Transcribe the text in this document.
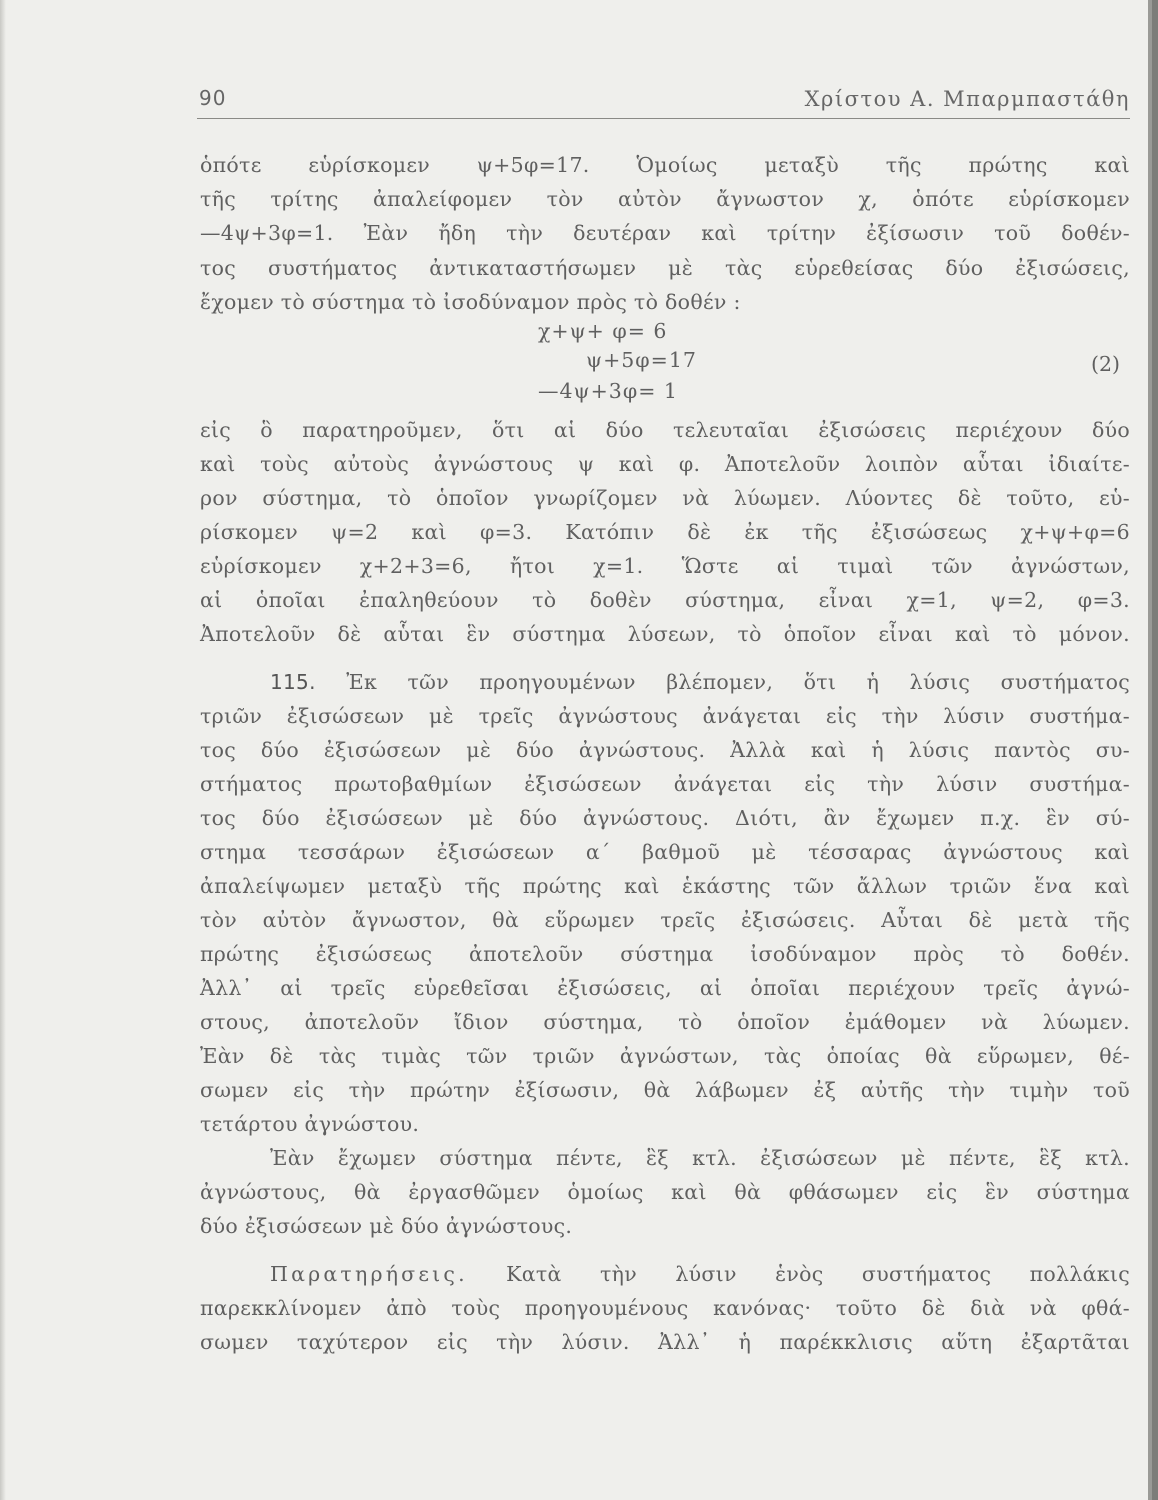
90	Χρίστου Α. Μπαρμπαστάθη
ὁπότε εὑρίσκομεν ψ+5φ=17. Ὁμοίως μεταξὺ τῆς πρώτης καὶ
τῆς τρίτης ἀπαλείφομεν τὸν αὐτὸν ἄγνωστον χ, ὁπότε εὑρίσκομεν
—4ψ+3φ=1. Ἐὰν ἤδη τὴν δευτέραν καὶ τρίτην ἐξίσωσιν τοῦ δοθέν-
τος συστήματος ἀντικαταστήσωμεν μὲ τὰς εὑρεθείσας δύο ἐξισώσεις,
ἔχομεν τὸ σύστημα τὸ ἰσοδύναμον πρὸς τὸ δοθέν :
χ+ψ+ φ= 6
ψ+5φ=17
—4ψ+3φ= 1
(2)
εἰς ὃ παρατηροῦμεν, ὅτι αἱ δύο τελευταῖαι ἐξισώσεις περιέχουν δύο
καὶ τοὺς αὐτοὺς ἀγνώστους ψ καὶ φ. Ἀποτελοῦν λοιπὸν αὗται ἰδιαίτε-
ρον σύστημα, τὸ ὁποῖον γνωρίζομεν νὰ λύωμεν. Λύοντες δὲ τοῦτο, εὑ-
ρίσκομεν ψ=2 καὶ φ=3. Κατόπιν δὲ ἐκ τῆς ἐξισώσεως χ+ψ+φ=6
εὑρίσκομεν χ+2+3=6, ἤτοι χ=1. Ὥστε αἱ τιμαὶ τῶν ἀγνώστων,
αἱ ὁποῖαι ἐπαληθεύουν τὸ δοθὲν σύστημα, εἶναι χ=1, ψ=2, φ=3.
Ἀποτελοῦν δὲ αὗται ἓν σύστημα λύσεων, τὸ ὁποῖον εἶναι καὶ τὸ μόνον.
115. Ἐκ τῶν προηγουμένων βλέπομεν, ὅτι ἡ λύσις συστήματος
τριῶν ἐξισώσεων μὲ τρεῖς ἀγνώστους ἀνάγεται εἰς τὴν λύσιν συστήμα-
τος δύο ἐξισώσεων μὲ δύο ἀγνώστους. Ἀλλὰ καὶ ἡ λύσις παντὸς συ-
στήματος πρωτοβαθμίων ἐξισώσεων ἀνάγεται εἰς τὴν λύσιν συστήμα-
τος δύο ἐξισώσεων μὲ δύο ἀγνώστους. Διότι, ἂν ἔχωμεν π.χ. ἓν σύ-
στημα τεσσάρων ἐξισώσεων α΄ βαθμοῦ μὲ τέσσαρας ἀγνώστους καὶ
ἀπαλείψωμεν μεταξὺ τῆς πρώτης καὶ ἑκάστης τῶν ἄλλων τριῶν ἕνα καὶ
τὸν αὐτὸν ἄγνωστον, θὰ εὕρωμεν τρεῖς ἐξισώσεις. Αὗται δὲ μετὰ τῆς
πρώτης ἐξισώσεως ἀποτελοῦν σύστημα ἰσοδύναμον πρὸς τὸ δοθέν.
Ἀλλ᾽ αἱ τρεῖς εὑρεθεῖσαι ἐξισώσεις, αἱ ὁποῖαι περιέχουν τρεῖς ἀγνώ-
στους, ἀποτελοῦν ἴδιον σύστημα, τὸ ὁποῖον ἐμάθομεν νὰ λύωμεν.
Ἐὰν δὲ τὰς τιμὰς τῶν τριῶν ἀγνώστων, τὰς ὁποίας θὰ εὕρωμεν, θέ-
σωμεν εἰς τὴν πρώτην ἐξίσωσιν, θὰ λάβωμεν ἐξ αὐτῆς τὴν τιμὴν τοῦ
τετάρτου ἀγνώστου.
Ἐὰν ἔχωμεν σύστημα πέντε, ἓξ κτλ. ἐξισώσεων μὲ πέντε, ἓξ κτλ.
ἀγνώστους, θὰ ἐργασθῶμεν ὁμοίως καὶ θὰ φθάσωμεν εἰς ἓν σύστημα
δύο ἐξισώσεων μὲ δύο ἀγνώστους.
Παρατηρήσεις. Κατὰ τὴν λύσιν ἑνὸς συστήματος πολλάκις
παρεκκλίνομεν ἀπὸ τοὺς προηγουμένους κανόνας· τοῦτο δὲ διὰ νὰ φθά-
σωμεν ταχύτερον εἰς τὴν λύσιν. Ἀλλ᾽ ἡ παρέκκλισις αὕτη ἐξαρτᾶται
